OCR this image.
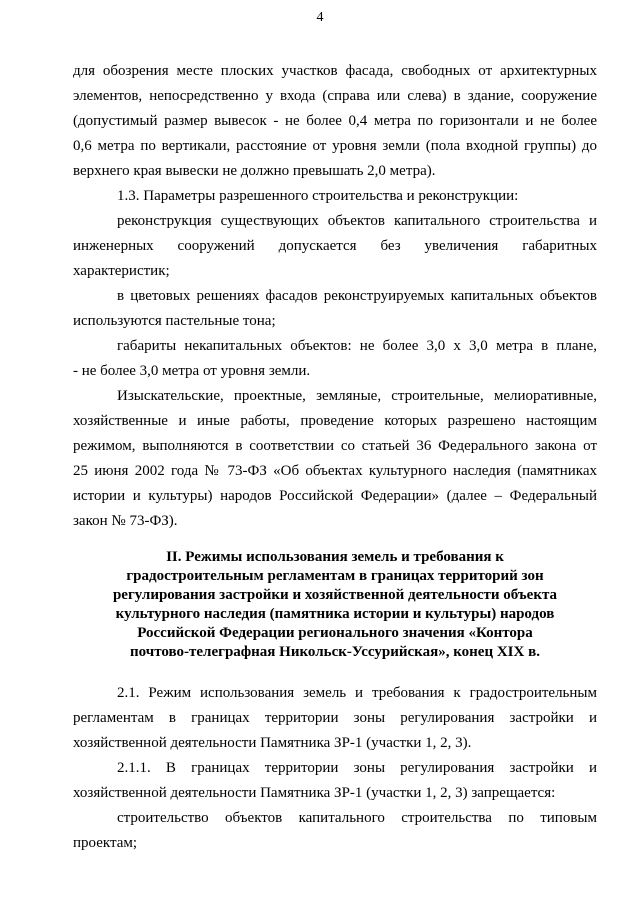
4
для обозрения месте плоских участков фасада, свободных от архитектурных
элементов, непосредственно у входа (справа или слева) в здание, сооружение
(допустимый размер вывесок - не более 0,4 метра по горизонтали и не более
0,6 метра по вертикали, расстояние от уровня земли (пола входной группы) до
верхнего края вывески не должно превышать 2,0 метра).
1.3. Параметры разрешенного строительства и реконструкции:
реконструкция существующих объектов капитального строительства и
инженерных сооружений допускается без увеличения габаритных
характеристик;
в цветовых решениях фасадов реконструируемых капитальных объектов
используются пастельные тона;
габариты некапитальных объектов: не более 3,0 х 3,0 метра в плане,
- не более 3,0 метра от уровня земли.
Изыскательские, проектные, земляные, строительные, мелиоративные,
хозяйственные и иные работы, проведение которых разрешено настоящим
режимом, выполняются в соответствии со статьей 36 Федерального закона от
25 июня 2002 года № 73-ФЗ «Об объектах культурного наследия (памятниках
истории и культуры) народов Российской Федерации» (далее – Федеральный
закон № 73-ФЗ).
II. Режимы использования земель и требования к
градостроительным регламентам в границах территорий зон
регулирования застройки и хозяйственной деятельности объекта
культурного наследия (памятника истории и культуры) народов
Российской Федерации регионального значения «Контора
почтово-телеграфная Никольск-Уссурийская», конец XIX в.
2.1. Режим использования земель и требования к градостроительным
регламентам в границах территории зоны регулирования застройки и
хозяйственной деятельности Памятника ЗР-1 (участки 1, 2, 3).
2.1.1. В границах территории зоны регулирования застройки и
хозяйственной деятельности Памятника ЗР-1 (участки 1, 2, 3) запрещается:
строительство объектов капитального строительства по типовым
проектам;
